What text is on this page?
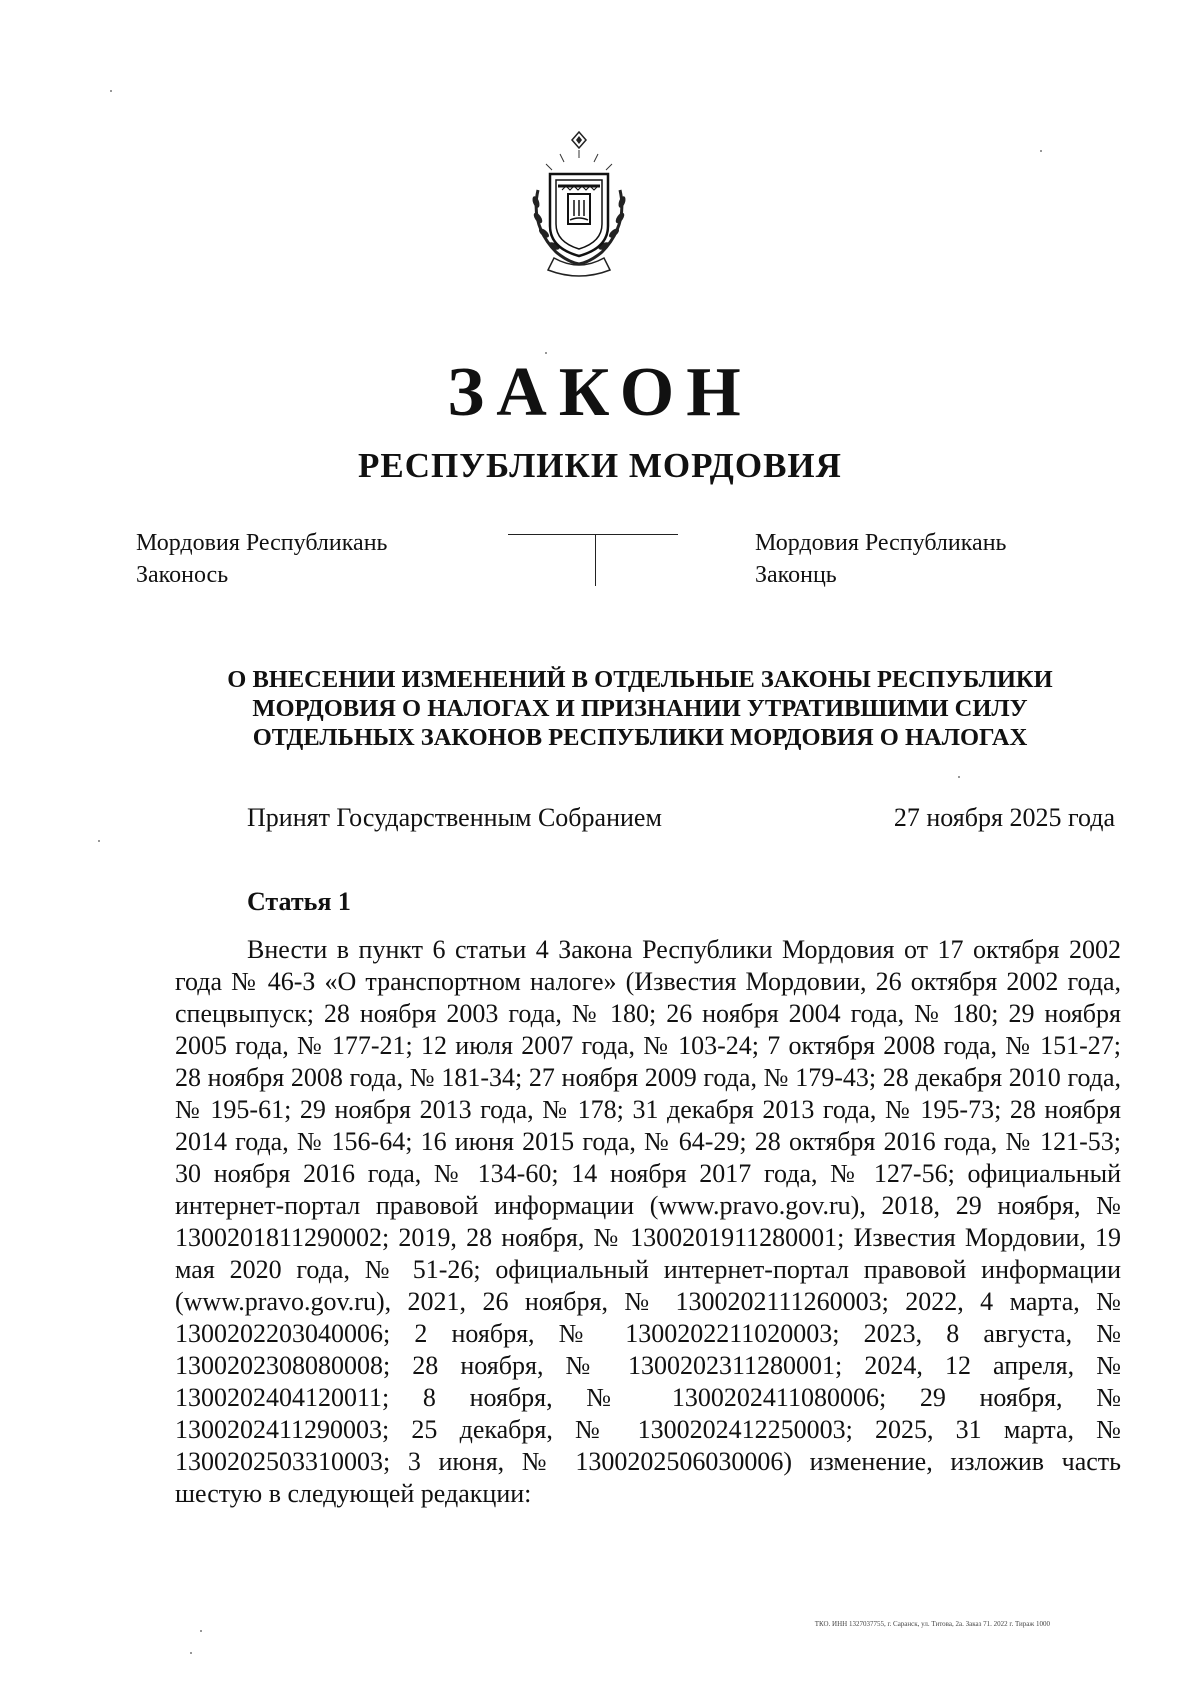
ЗАКОН
РЕСПУБЛИКИ МОРДОВИЯ
Мордовия Республикань
Законось
Мордовия Республикань
Законць
О ВНЕСЕНИИ ИЗМЕНЕНИЙ В ОТДЕЛЬНЫЕ ЗАКОНЫ РЕСПУБЛИКИ
МОРДОВИЯ О НАЛОГАХ И ПРИЗНАНИИ УТРАТИВШИМИ СИЛУ
ОТДЕЛЬНЫХ ЗАКОНОВ РЕСПУБЛИКИ МОРДОВИЯ О НАЛОГАХ
Принят Государственным Собранием	27 ноября 2025 года
Статья 1

Внести в пункт 6 статьи 4 Закона Республики Мордовия от 17 октября 2002 года № 46-З «О транспортном налоге» (Известия Мордовии, 26 октября 2002 года, спецвыпуск; 28 ноября 2003 года, № 180; 26 ноября 2004 года, № 180; 29 ноября 2005 года, № 177-21; 12 июля 2007 года, № 103-24; 7 октября 2008 года, № 151-27; 28 ноября 2008 года, № 181-34; 27 ноября 2009 года, № 179-43; 28 декабря 2010 года, № 195-61; 29 ноября 2013 года, № 178; 31 декабря 2013 года, № 195-73; 28 ноября 2014 года, № 156-64; 16 июня 2015 года, № 64-29; 28 октября 2016 года, № 121-53; 30 ноября 2016 года, № 134-60; 14 ноября 2017 года, № 127-56; официальный интернет-портал правовой информации (www.pravo.gov.ru), 2018, 29 ноября, № 1300201811290002; 2019, 28 ноября, № 1300201911280001; Известия Мордовии, 19 мая 2020 года, № 51-26; официальный интернет-портал правовой информации (www.pravo.gov.ru), 2021, 26 ноября, № 1300202111260003; 2022, 4 марта, № 1300202203040006; 2 ноября, № 1300202211020003; 2023, 8 августа, № 1300202308080008; 28 ноября, № 1300202311280001; 2024, 12 апреля, № 1300202404120011; 8 ноября, № 1300202411080006; 29 ноября, № 1300202411290003; 25 декабря, № 1300202412250003; 2025, 31 марта, № 1300202503310003; 3 июня, № 1300202506030006) изменение, изложив часть шестую в следующей редакции:

ТКО. ИНН 1327037755, г. Саранск, ул. Титова, 2а. Заказ 71. 2022 г. Тираж 1000
